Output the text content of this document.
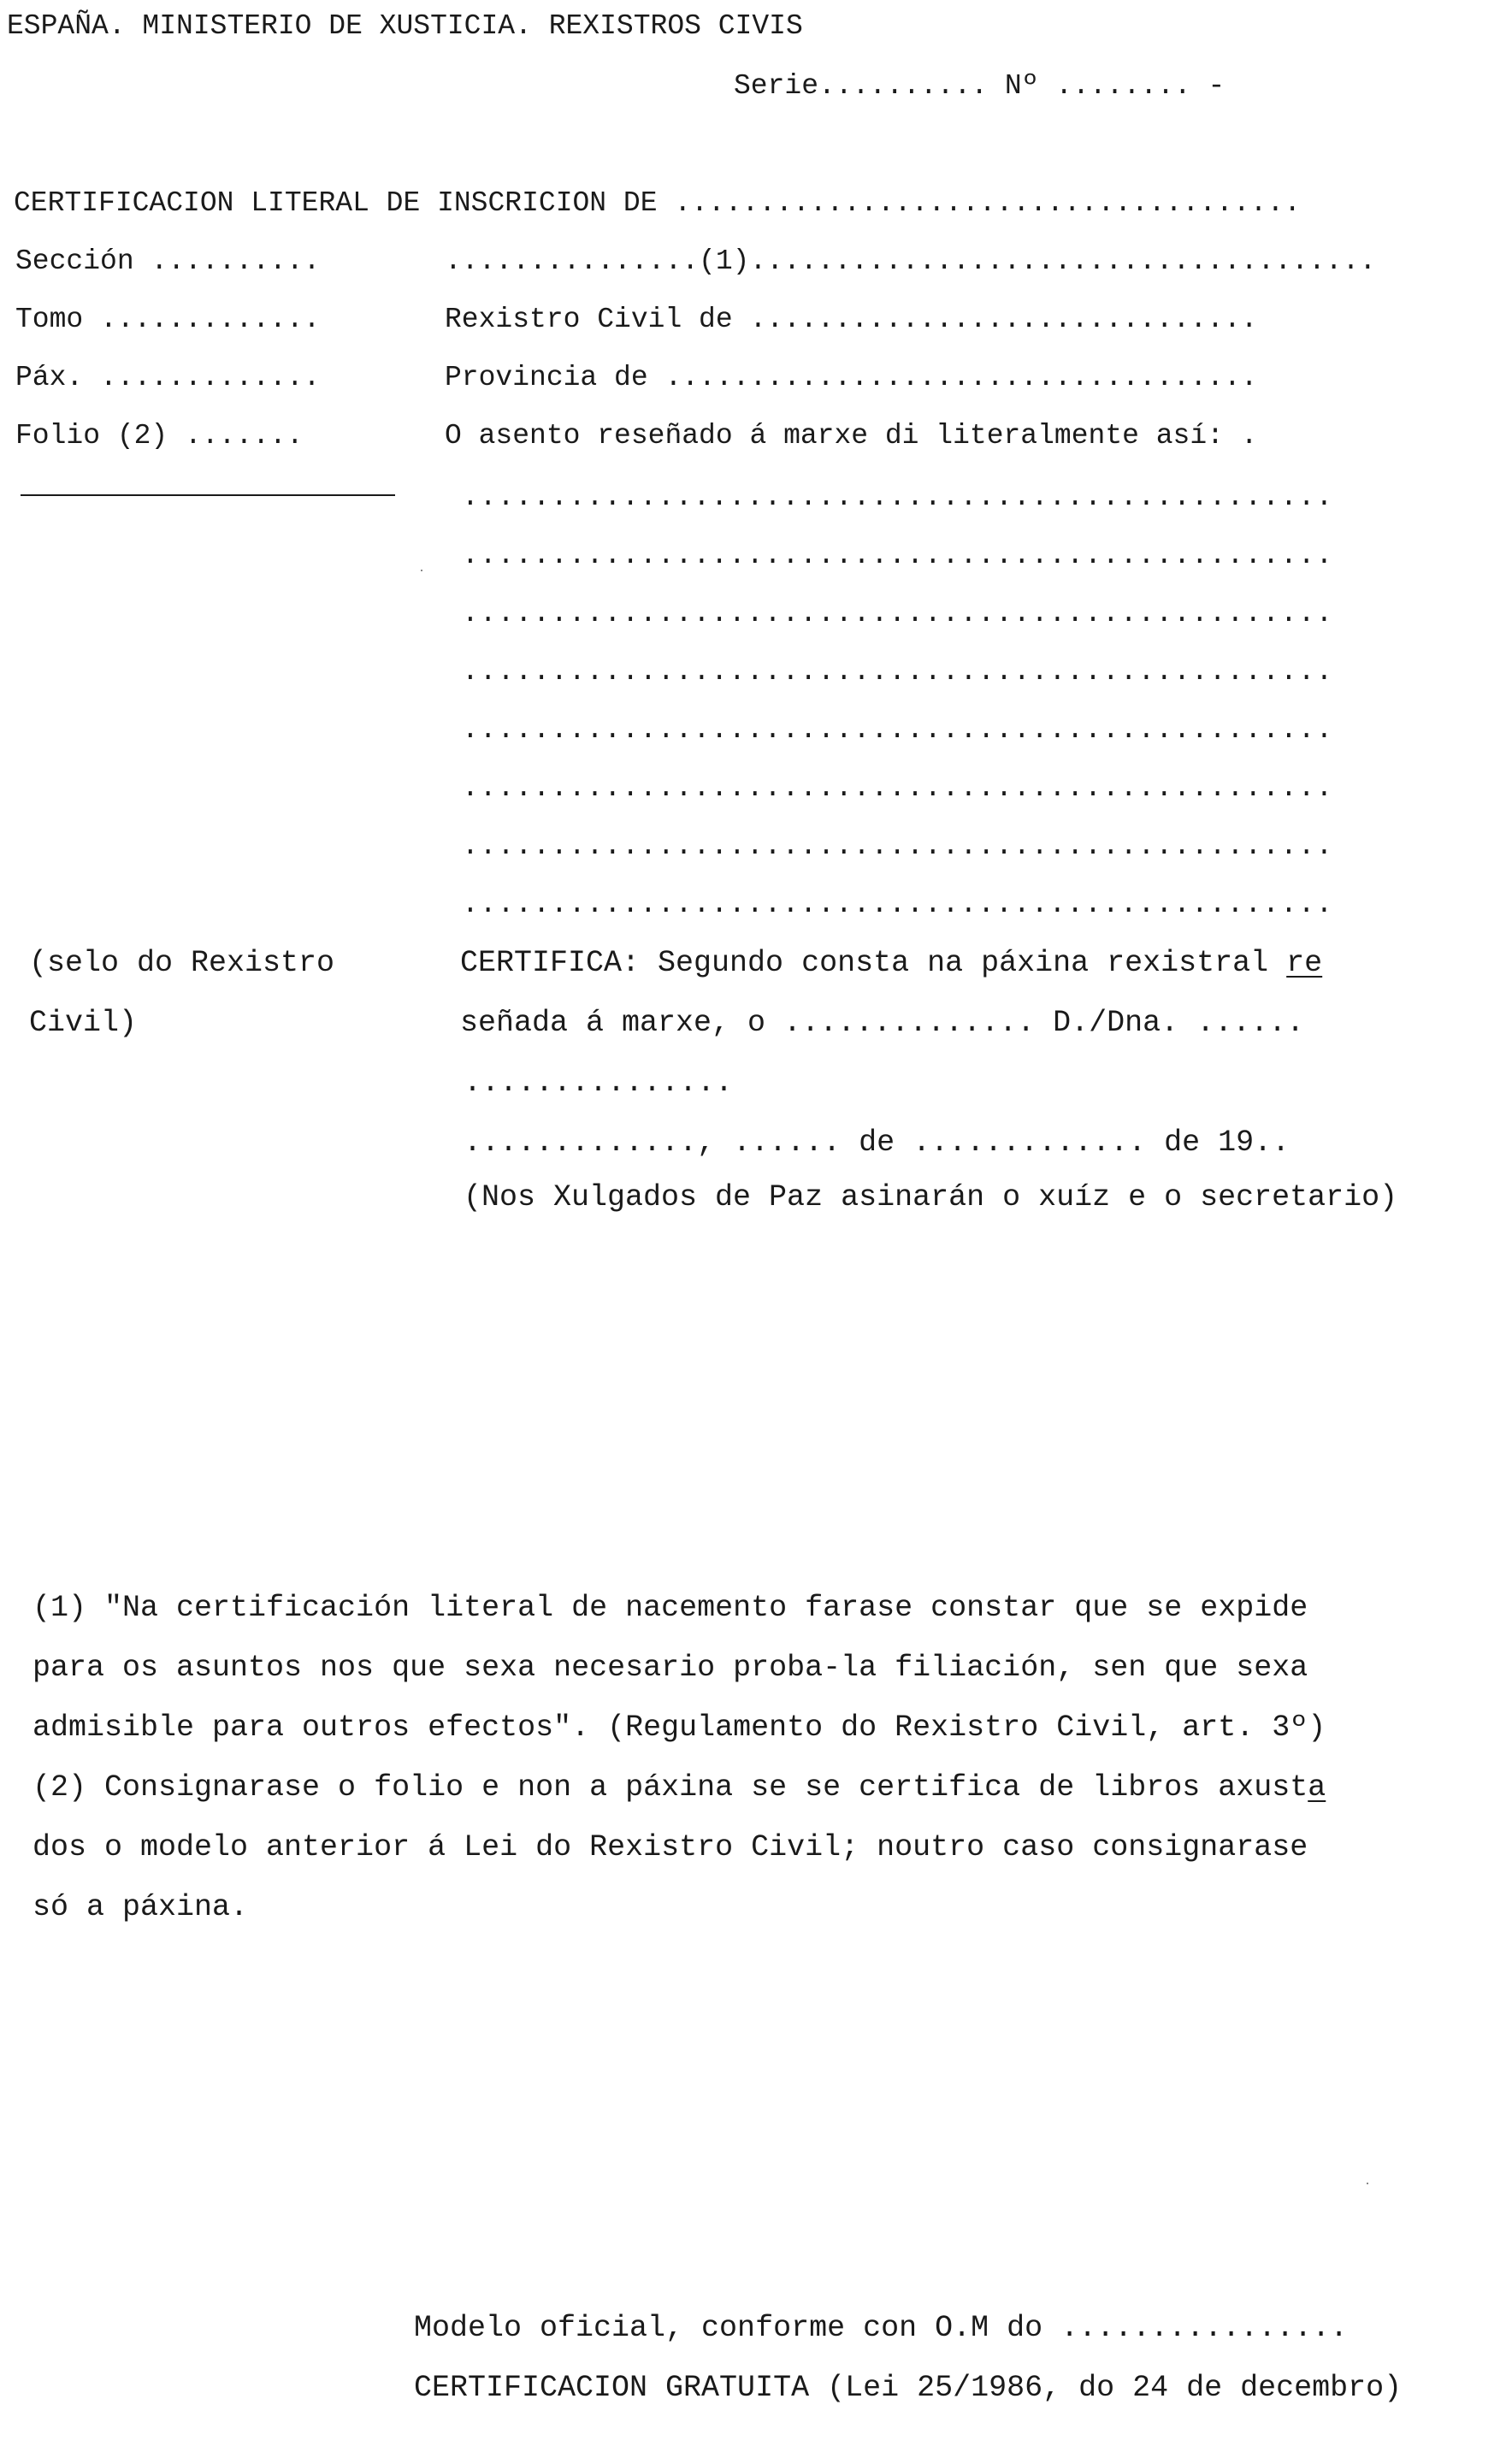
ESPAÑA. MINISTERIO DE XUSTICIA. REXISTROS CIVIS
Serie.......... Nº ........ -
CERTIFICACION LITERAL DE INSCRICION DE .....................................
Sección ..........
Tomo .............
Páx. .............
Folio (2) .......
...............(1).....................................
Rexistro Civil de ..............................
Provincia de ...................................
O asento reseñado á marxe di literalmente así: .
.................................................
.................................................
.................................................
.................................................
.................................................
.................................................
.................................................
.................................................
(selo do Rexistro
Civil)
CERTIFICA: Segundo consta na páxina rexistral re
señada á marxe, o .............. D./Dna. ......
...............
............., ...... de ............. de 19..
(Nos Xulgados de Paz asinarán o xuíz e o secretario)
(1) "Na certificación literal de nacemento farase constar que se expide
para os asuntos nos que sexa necesario proba-la filiación, sen que sexa
admisible para outros efectos". (Regulamento do Rexistro Civil, art. 3º)
(2) Consignarase o folio e non a páxina se se certifica de libros axusta
dos o modelo anterior á Lei do Rexistro Civil; noutro caso consignarase
só a páxina.
Modelo oficial, conforme con O.M do ................
CERTIFICACION GRATUITA (Lei 25/1986, do 24 de decembro)
